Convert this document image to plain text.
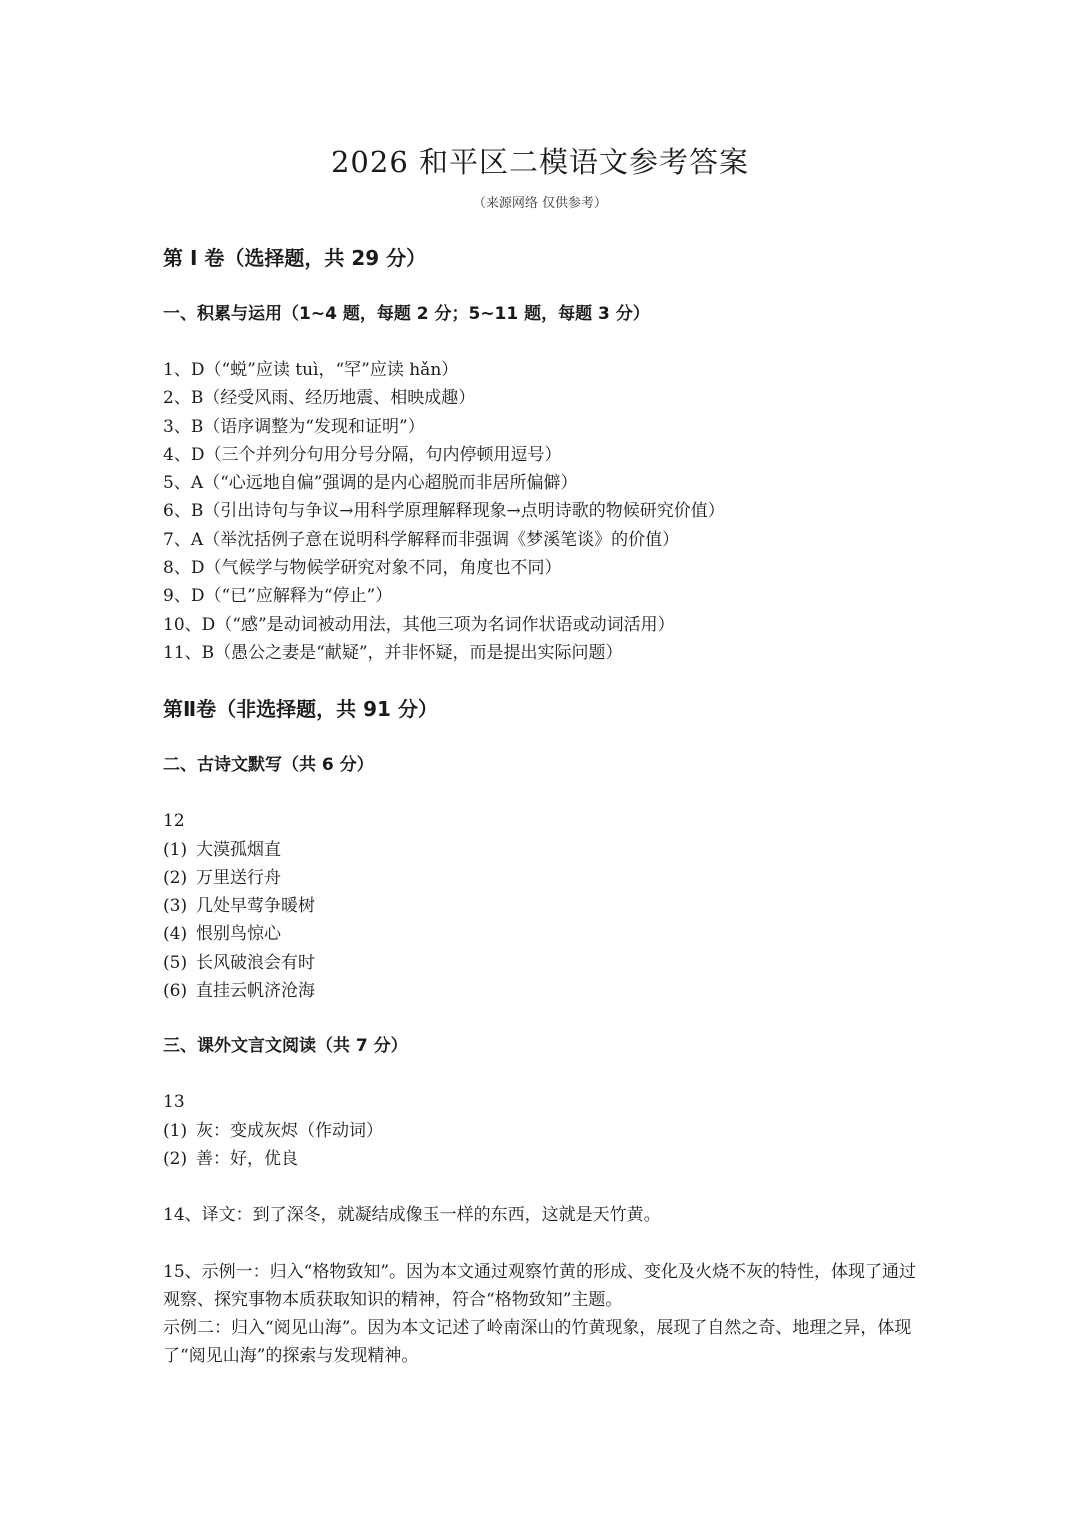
2026 和平区二模语文参考答案
（来源网络 仅供参考）

第 I 卷（选择题，共 29 分）

一、积累与运用（1~4 题，每题 2 分；5~11 题，每题 3 分）

1、D（“蜕”应读 tuì，“罕”应读 hǎn）

2、B（经受风雨、经历地震、相映成趣）

3、B（语序调整为“发现和证明”）

4、D（三个并列分句用分号分隔，句内停顿用逗号）

5、A（“心远地自偏”强调的是内心超脱而非居所偏僻）

6、B（引出诗句与争议→用科学原理解释现象→点明诗歌的物候研究价值）

7、A（举沈括例子意在说明科学解释而非强调《梦溪笔谈》的价值）

8、D（气候学与物候学研究对象不同，角度也不同）

9、D（“已”应解释为“停止”）

10、D（“感”是动词被动用法，其他三项为名词作状语或动词活用）

11、B（愚公之妻是“献疑”，并非怀疑，而是提出实际问题）

第Ⅱ卷（非选择题，共 91 分）

二、古诗文默写（共 6 分）

12

(1) 大漠孤烟直
(2) 万里送行舟
(3) 几处早莺争暖树
(4) 恨别鸟惊心
(5) 长风破浪会有时
(6) 直挂云帆济沧海

三、课外文言文阅读（共 7 分）

13

(1) 灰：变成灰烬（作动词）
(2) 善：好，优良

14、译文：到了深冬，就凝结成像玉一样的东西，这就是天竹黄。

15、示例一：归入“格物致知”。因为本文通过观察竹黄的形成、变化及火烧不灰的特性，体现了通过观察、探究事物本质获取知识的精神，符合“格物致知”主题。

示例二：归入“阅见山海”。因为本文记述了岭南深山的竹黄现象，展现了自然之奇、地理之异，体现了“阅见山海”的探索与发现精神。
